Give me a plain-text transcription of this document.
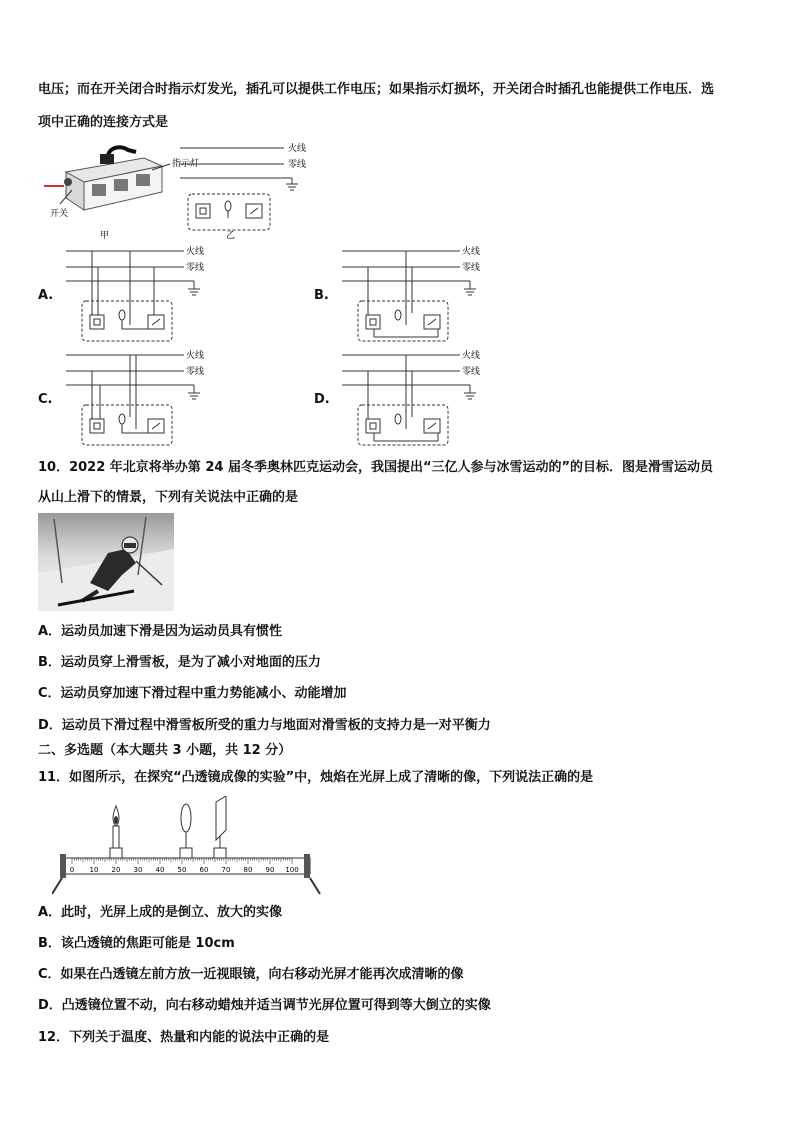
电压；而在开关闭合时指示灯发光，插孔可以提供工作电压；如果指示灯损坏，开关闭合时插孔也能提供工作电压．选
项中正确的连接方式是
指示灯
开关
甲
火线
零线
乙
A.
火线
零线
B.
火线
零线
C.
火线
零线
D.
火线
零线
10．2022 年北京将举办第 24 届冬季奥林匹克运动会，我国提出“三亿人参与冰雪运动的”的目标．图是滑雪运动员
从山上滑下的情景，下列有关说法中正确的是
A．运动员加速下滑是因为运动员具有惯性
B．运动员穿上滑雪板，是为了减小对地面的压力
C．运动员穿加速下滑过程中重力势能减小、动能增加
D．运动员下滑过程中滑雪板所受的重力与地面对滑雪板的支持力是一对平衡力
二、多选题（本大题共 3 小题，共 12 分）
11．如图所示，在探究“凸透镜成像的实验”中，烛焰在光屏上成了清晰的像，下列说法正确的是
0 10 20 30 40 50 60 70 80 90 100
A．此时，光屏上成的是倒立、放大的实像
B．该凸透镜的焦距可能是 10cm
C．如果在凸透镜左前方放一近视眼镜，向右移动光屏才能再次成清晰的像
D．凸透镜位置不动，向右移动蜡烛并适当调节光屏位置可得到等大倒立的实像
12．下列关于温度、热量和内能的说法中正确的是
